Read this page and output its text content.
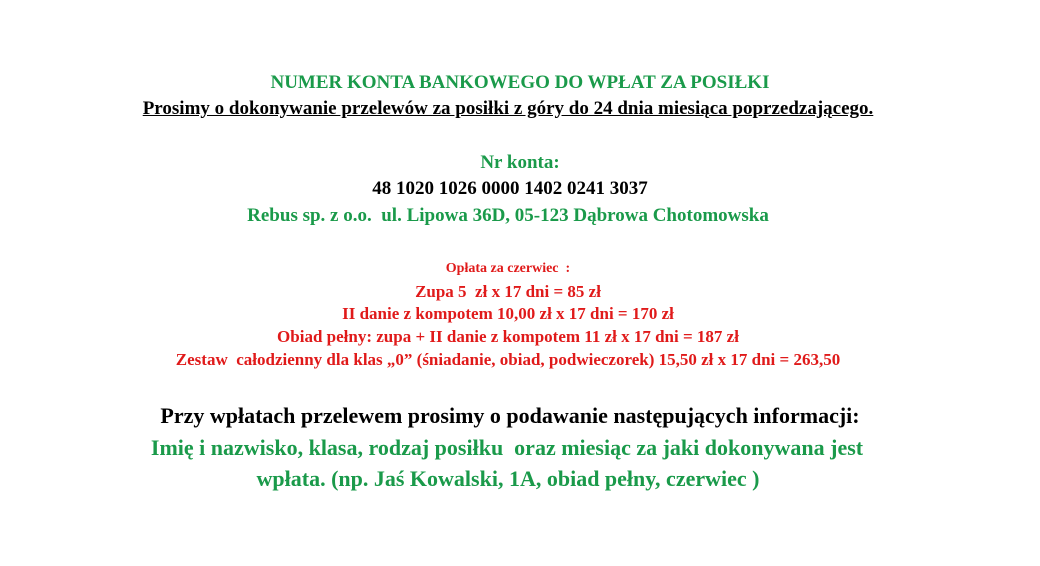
NUMER KONTA BANKOWEGO DO WPŁAT ZA POSIŁKI
Prosimy o dokonywanie przelewów za posiłki z góry do 24 dnia miesiąca poprzedzającego.
Nr konta:
48 1020 1026 0000 1402 0241 3037
Rebus sp. z o.o.  ul. Lipowa 36D, 05-123 Dąbrowa Chotomowska
Opłata za czerwiec  :
Zupa 5  zł x 17 dni = 85 zł
II danie z kompotem 10,00 zł x 17 dni = 170 zł
Obiad pełny: zupa + II danie z kompotem 11 zł x 17 dni = 187 zł
Zestaw  całodzienny dla klas „0” (śniadanie, obiad, podwieczorek) 15,50 zł x 17 dni = 263,50
Przy wpłatach przelewem prosimy o podawanie następujących informacji:
Imię i nazwisko, klasa, rodzaj posiłku  oraz miesiąc za jaki dokonywana jest
wpłata. (np. Jaś Kowalski, 1A, obiad pełny, czerwiec )
